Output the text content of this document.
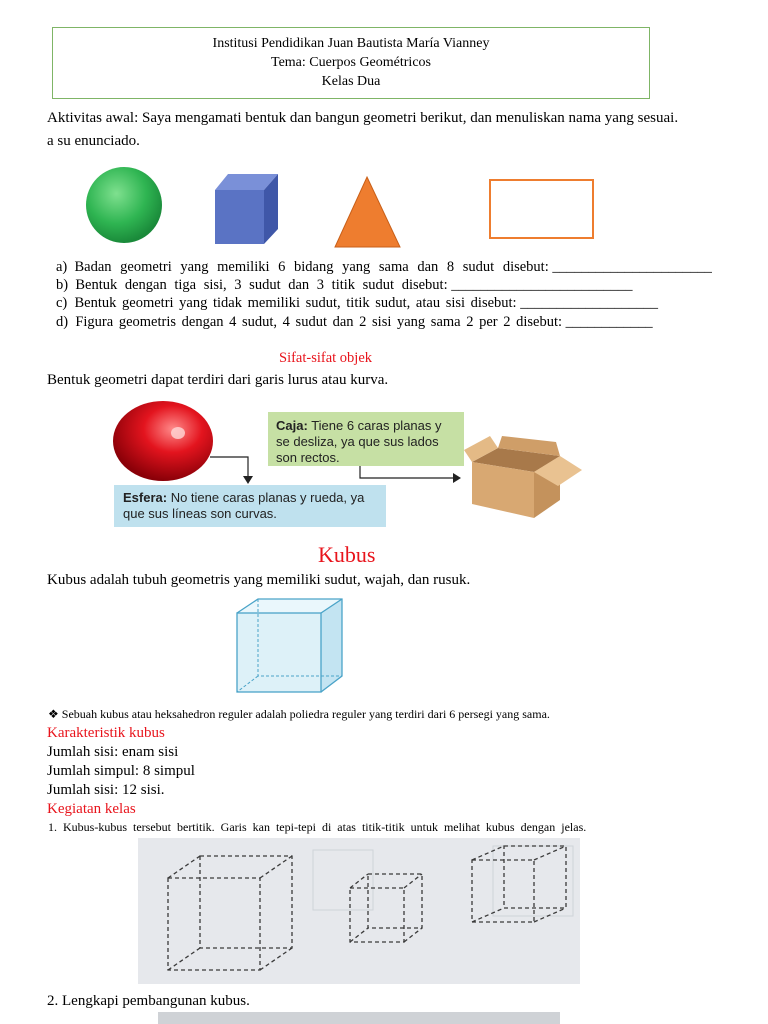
Institusi Pendidikan Juan Bautista María Vianney
Tema: Cuerpos Geométricos
Kelas Dua
Aktivitas awal: Saya mengamati bentuk dan bangun geometri berikut, dan menuliskan nama yang sesuai.
a su enunciado.
a) Badan geometri yang memiliki 6 bidang yang sama dan 8 sudut disebut: ______________________
b) Bentuk dengan tiga sisi, 3 sudut dan 3 titik sudut disebut: _________________________
c) Bentuk geometri yang tidak memiliki sudut, titik sudut, atau sisi disebut: ___________________
d) Figura geometris dengan 4 sudut, 4 sudut dan 2 sisi yang sama 2 per 2 disebut: ____________
Sifat-sifat objek
Bentuk geometri dapat terdiri dari garis lurus atau kurva.
Caja: Tiene 6 caras planas y se desliza, ya que sus lados son rectos.
Esfera: No tiene caras planas y rueda, ya que sus líneas son curvas.
Kubus
Kubus adalah tubuh geometris yang memiliki sudut, wajah, dan rusuk.
❖ Sebuah kubus atau heksahedron reguler adalah poliedra reguler yang terdiri dari 6 persegi yang sama.
Karakteristik kubus
Jumlah sisi: enam sisi
Jumlah simpul: 8 simpul
Jumlah sisi: 12 sisi.
Kegiatan kelas
1. Kubus-kubus tersebut bertitik. Garis kan tepi-tepi di atas titik-titik untuk melihat kubus dengan jelas.
2. Lengkapi pembangunan kubus.
